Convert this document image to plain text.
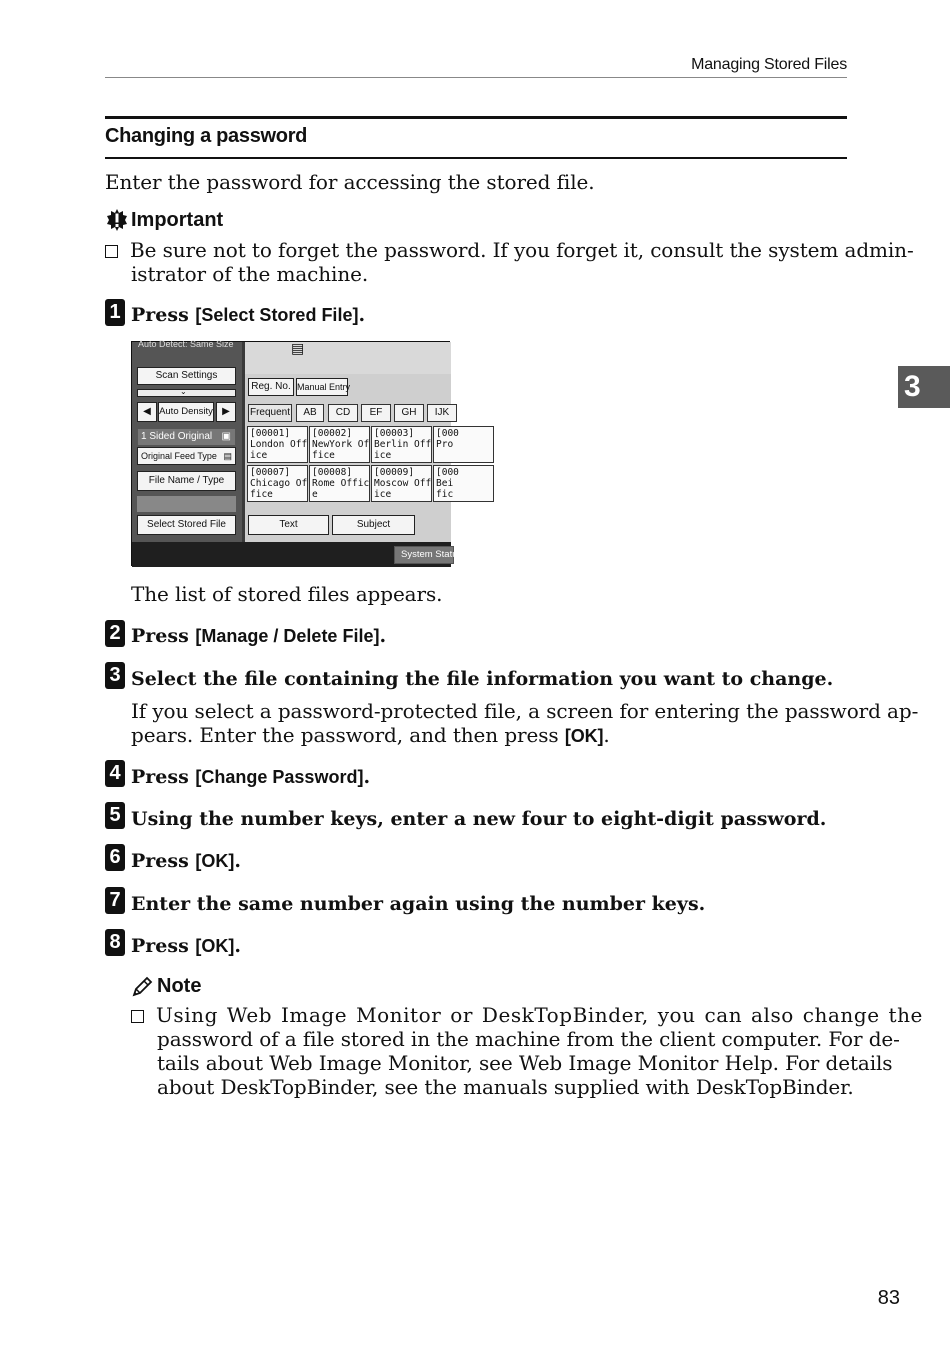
Managing Stored Files
Changing a password
3
Enter the password for accessing the stored file.
Important
Be sure not to forget the password. If you forget it, consult the system admin-
istrator of the machine.
1 Press [Select Stored File].
Auto Detect: Same Size
Scan Settings
⌄
◀ Auto Density ▶
1 Sided Original ▣
Original Feed Type ▤
File Name / Type
Select Stored File
▤
Reg. No. Manual Entry
Frequent	AB	CD	EF	GH	IJK
[00001]
London Off
ice
[00002]
NewYork Of
fice
[00003]
Berlin Off
ice
[000
Pro

[00007]
Chicago Of
fice
[00008]
Rome Offic
e
[00009]
Moscow Off
ice
[000
Bei
fic
Text	Subject
System Statu
The list of stored files appears.
2 Press [Manage / Delete File].
3 Select the file containing the file information you want to change.
If you select a password-protected file, a screen for entering the password ap-
pears. Enter the password, and then press [OK].
4 Press [Change Password].
5 Using the number keys, enter a new four to eight-digit password.
6 Press [OK].
7 Enter the same number again using the number keys.
8 Press [OK].
Note
Using Web Image Monitor or DeskTopBinder, you can also change the
password of a file stored in the machine from the client computer. For de-
tails about Web Image Monitor, see Web Image Monitor Help. For details
about DeskTopBinder, see the manuals supplied with DeskTopBinder.
83
